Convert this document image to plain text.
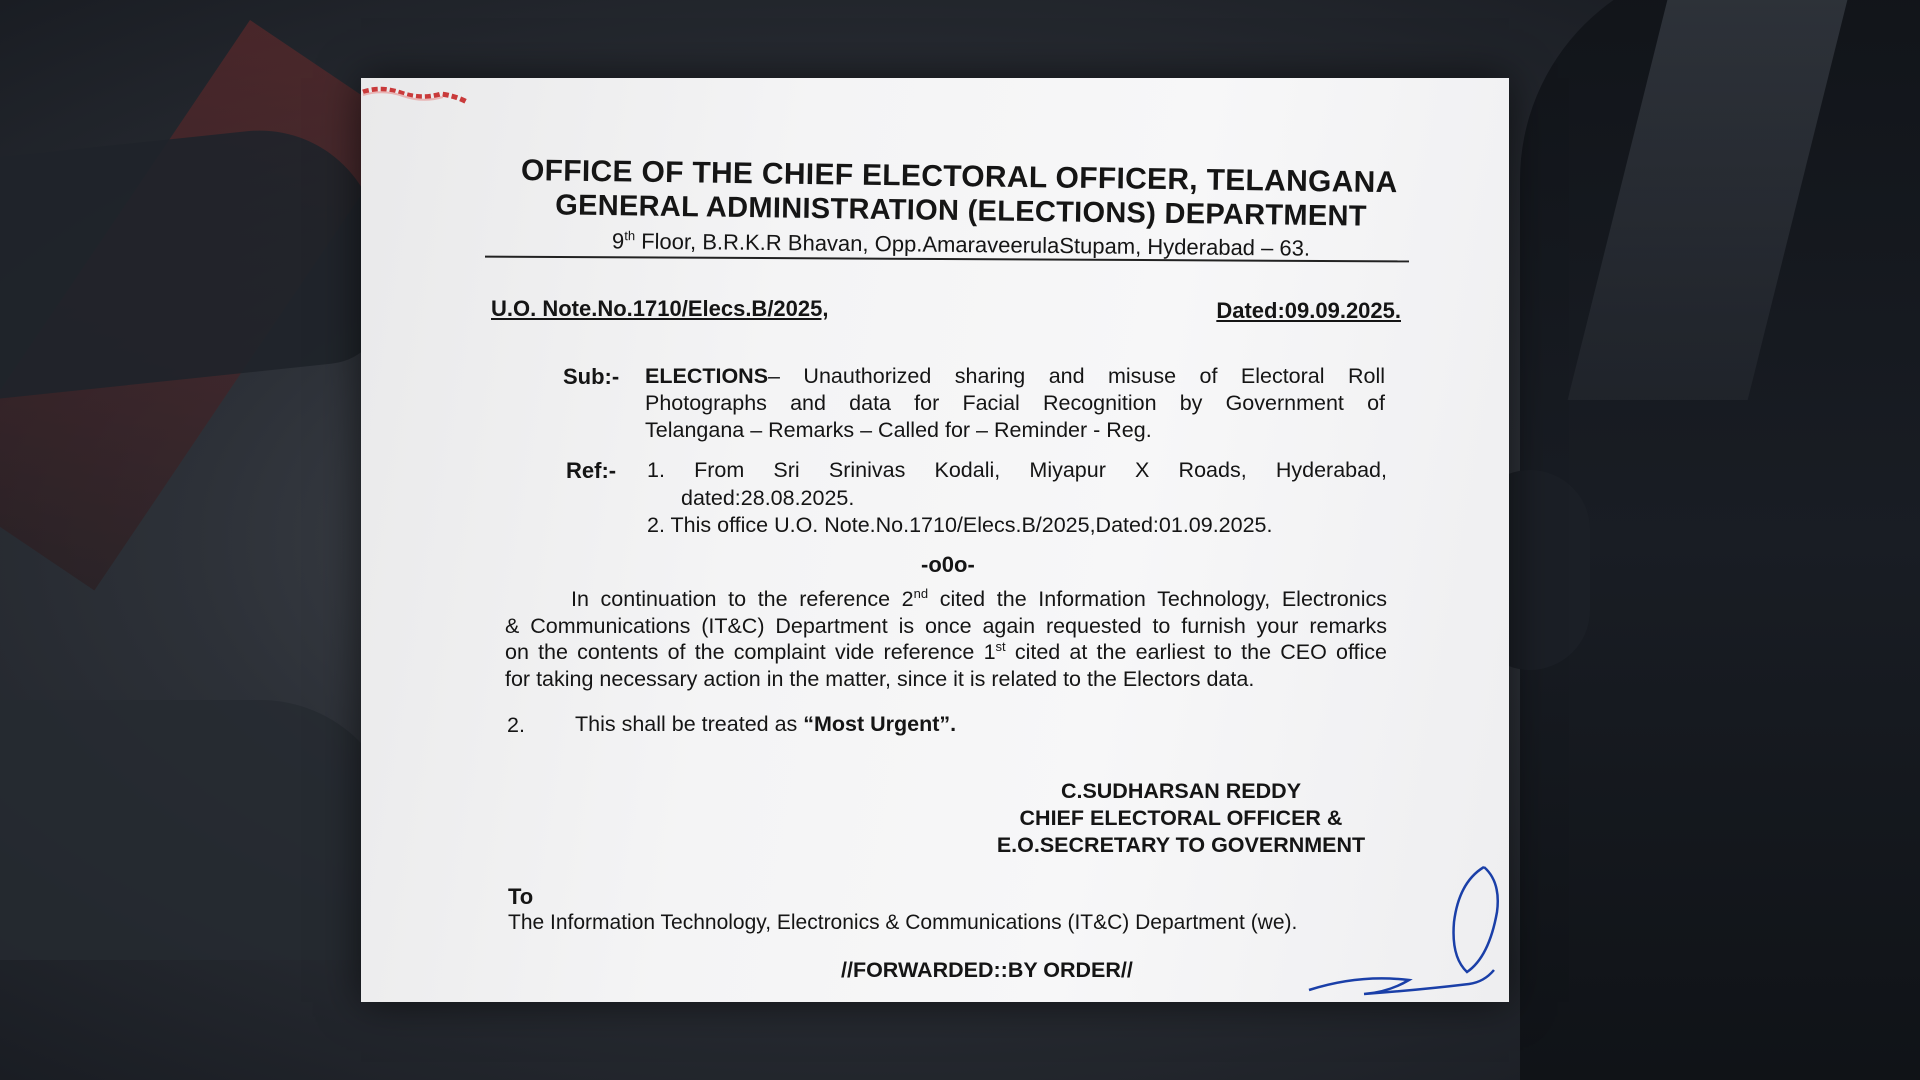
OFFICE OF THE CHIEF ELECTORAL OFFICER, TELANGANA
GENERAL ADMINISTRATION (ELECTIONS) DEPARTMENT
9th Floor, B.R.K.R Bhavan, Opp.AmaraveerulaStupam, Hyderabad – 63.
U.O. Note.No.1710/Elecs.B/2025,	Dated:09.09.2025.
Sub:- ELECTIONS– Unauthorized sharing and misuse of Electoral Roll
Photographs and data for Facial Recognition by Government of
Telangana – Remarks – Called for – Reminder - Reg.
Ref:- 1. From Sri Srinivas Kodali, Miyapur X Roads, Hyderabad,
dated:28.08.2025.
2. This office U.O. Note.No.1710/Elecs.B/2025,Dated:01.09.2025.
-o0o-
In continuation to the reference 2nd cited the Information Technology, Electronics
& Communications (IT&C) Department is once again requested to furnish your remarks
on the contents of the complaint vide reference 1st cited at the earliest to the CEO office
for taking necessary action in the matter, since it is related to the Electors data.
2. This shall be treated as “Most Urgent”.
C.SUDHARSAN REDDY
CHIEF ELECTORAL OFFICER &
E.O.SECRETARY TO GOVERNMENT
To
The Information Technology, Electronics & Communications (IT&C) Department (we).
//FORWARDED::BY ORDER//
